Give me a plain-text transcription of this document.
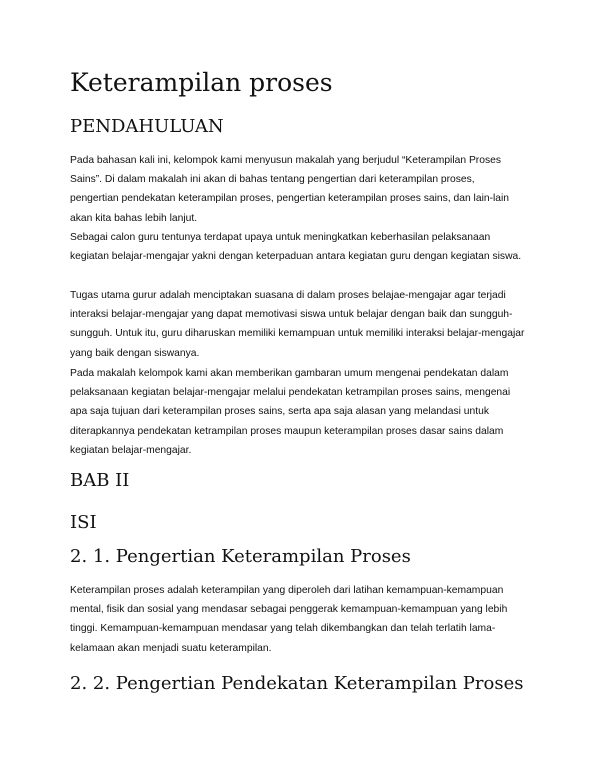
Keterampilan proses
PENDAHULUAN

Pada bahasan kali ini, kelompok kami menyusun makalah yang berjudul “Keterampilan Proses Sains”. Di dalam makalah ini akan di bahas tentang pengertian dari keterampilan proses, pengertian pendekatan keterampilan proses, pengertian keterampilan proses sains, dan lain-lain akan kita bahas lebih lanjut.

Sebagai calon guru tentunya terdapat upaya untuk meningkatkan keberhasilan pelaksanaan kegiatan belajar-mengajar yakni dengan keterpaduan antara kegiatan guru dengan kegiatan siswa.

Tugas utama gurur adalah menciptakan suasana di dalam proses belajae-mengajar agar terjadi interaksi belajar-mengajar yang dapat memotivasi siswa untuk belajar dengan baik dan sungguh-sungguh. Untuk itu, guru diharuskan memiliki kemampuan untuk memiliki interaksi belajar-mengajar yang baik dengan siswanya.

Pada makalah kelompok kami akan memberikan gambaran umum mengenai pendekatan dalam pelaksanaan kegiatan belajar-mengajar melalui pendekatan ketrampilan proses sains, mengenai apa saja tujuan dari keterampilan proses sains, serta apa saja alasan yang melandasi untuk diterapkannya pendekatan ketrampilan proses maupun keterampilan proses dasar sains dalam kegiatan belajar-mengajar.

BAB II
ISI
2. 1. Pengertian Keterampilan Proses

Keterampilan proses adalah keterampilan yang diperoleh dari latihan kemampuan-kemampuan mental, fisik dan sosial yang mendasar sebagai penggerak kemampuan-kemampuan yang lebih tinggi. Kemampuan-kemampuan mendasar yang telah dikembangkan dan telah terlatih lama-kelamaan akan menjadi suatu keterampilan.

2. 2. Pengertian Pendekatan Keterampilan Proses
